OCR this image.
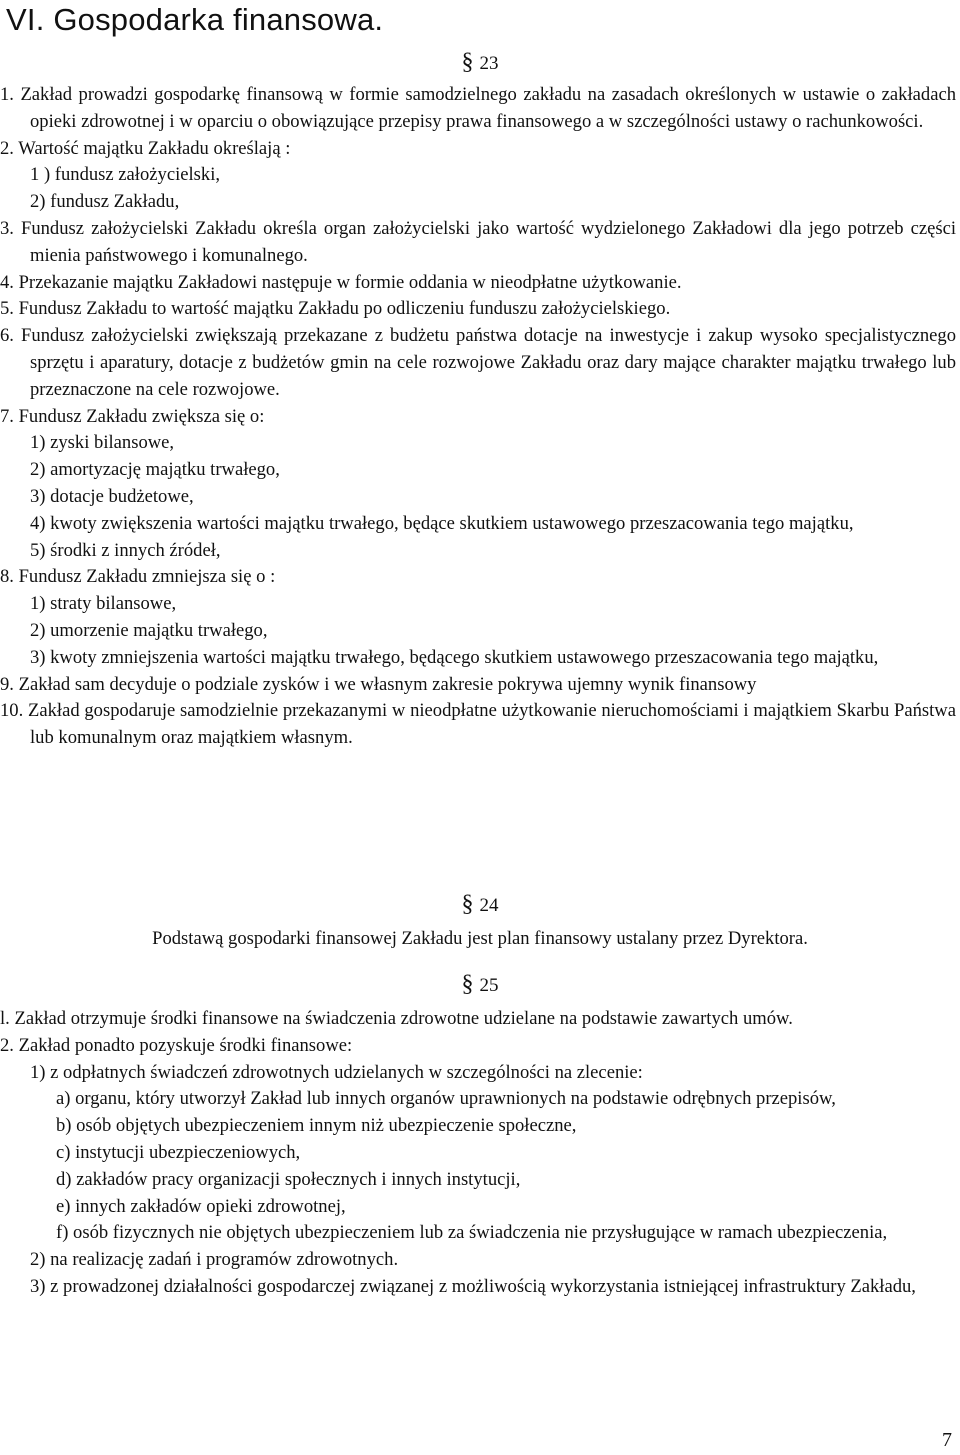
VI. Gospodarka finansowa.
§ 23

1. Zakład prowadzi gospodarkę finansową w formie samodzielnego zakładu na zasadach określonych w ustawie o zakładach opieki zdrowotnej i w oparciu o obowiązujące przepisy prawa finansowego a w szczególności ustawy o rachunkowości.

2. Wartość majątku Zakładu określają :

1 ) fundusz założycielski,

2) fundusz Zakładu,

3. Fundusz założycielski Zakładu określa organ założycielski jako wartość wydzielonego Zakładowi dla jego potrzeb części mienia państwowego i komunalnego.

4. Przekazanie majątku Zakładowi następuje w formie oddania w nieodpłatne użytkowanie.

5. Fundusz Zakładu to wartość majątku Zakładu po odliczeniu funduszu założycielskiego.

6. Fundusz założycielski zwiększają przekazane z budżetu państwa dotacje na inwestycje i zakup wysoko specjalistycznego sprzętu i aparatury, dotacje z budżetów gmin na cele rozwojowe Zakładu oraz dary mające charakter majątku trwałego lub przeznaczone na cele rozwojowe.

7. Fundusz Zakładu zwiększa się o:

1) zyski bilansowe,

2) amortyzację majątku trwałego,

3) dotacje budżetowe,

4) kwoty zwiększenia wartości majątku trwałego, będące skutkiem ustawowego przeszacowania tego majątku,

5) środki z innych źródeł,

8. Fundusz Zakładu zmniejsza się o :

1) straty bilansowe,

2) umorzenie majątku trwałego,

3) kwoty zmniejszenia wartości majątku trwałego, będącego skutkiem ustawowego przeszacowania tego majątku,

9. Zakład sam decyduje o podziale zysków i we własnym zakresie pokrywa ujemny wynik finansowy

10. Zakład gospodaruje samodzielnie przekazanymi w nieodpłatne użytkowanie nieruchomościami i majątkiem Skarbu Państwa lub komunalnym oraz majątkiem własnym.

§ 24

Podstawą gospodarki finansowej Zakładu jest plan finansowy ustalany przez Dyrektora.

§ 25

l. Zakład otrzymuje środki finansowe na świadczenia zdrowotne udzielane na podstawie zawartych umów.

2. Zakład ponadto pozyskuje środki finansowe:

1) z odpłatnych świadczeń zdrowotnych udzielanych w szczególności na zlecenie:

a) organu, który utworzył Zakład lub innych organów uprawnionych na podstawie odrębnych przepisów,

b) osób objętych ubezpieczeniem innym niż ubezpieczenie społeczne,

c) instytucji ubezpieczeniowych,

d) zakładów pracy organizacji społecznych i innych instytucji,

e) innych zakładów opieki zdrowotnej,

f) osób fizycznych nie objętych ubezpieczeniem lub za świadczenia nie przysługujące w ramach ubezpieczenia,

2) na realizację zadań i programów zdrowotnych.

3) z prowadzonej działalności gospodarczej związanej z możliwością wykorzystania istniejącej infrastruktury Zakładu,

7
